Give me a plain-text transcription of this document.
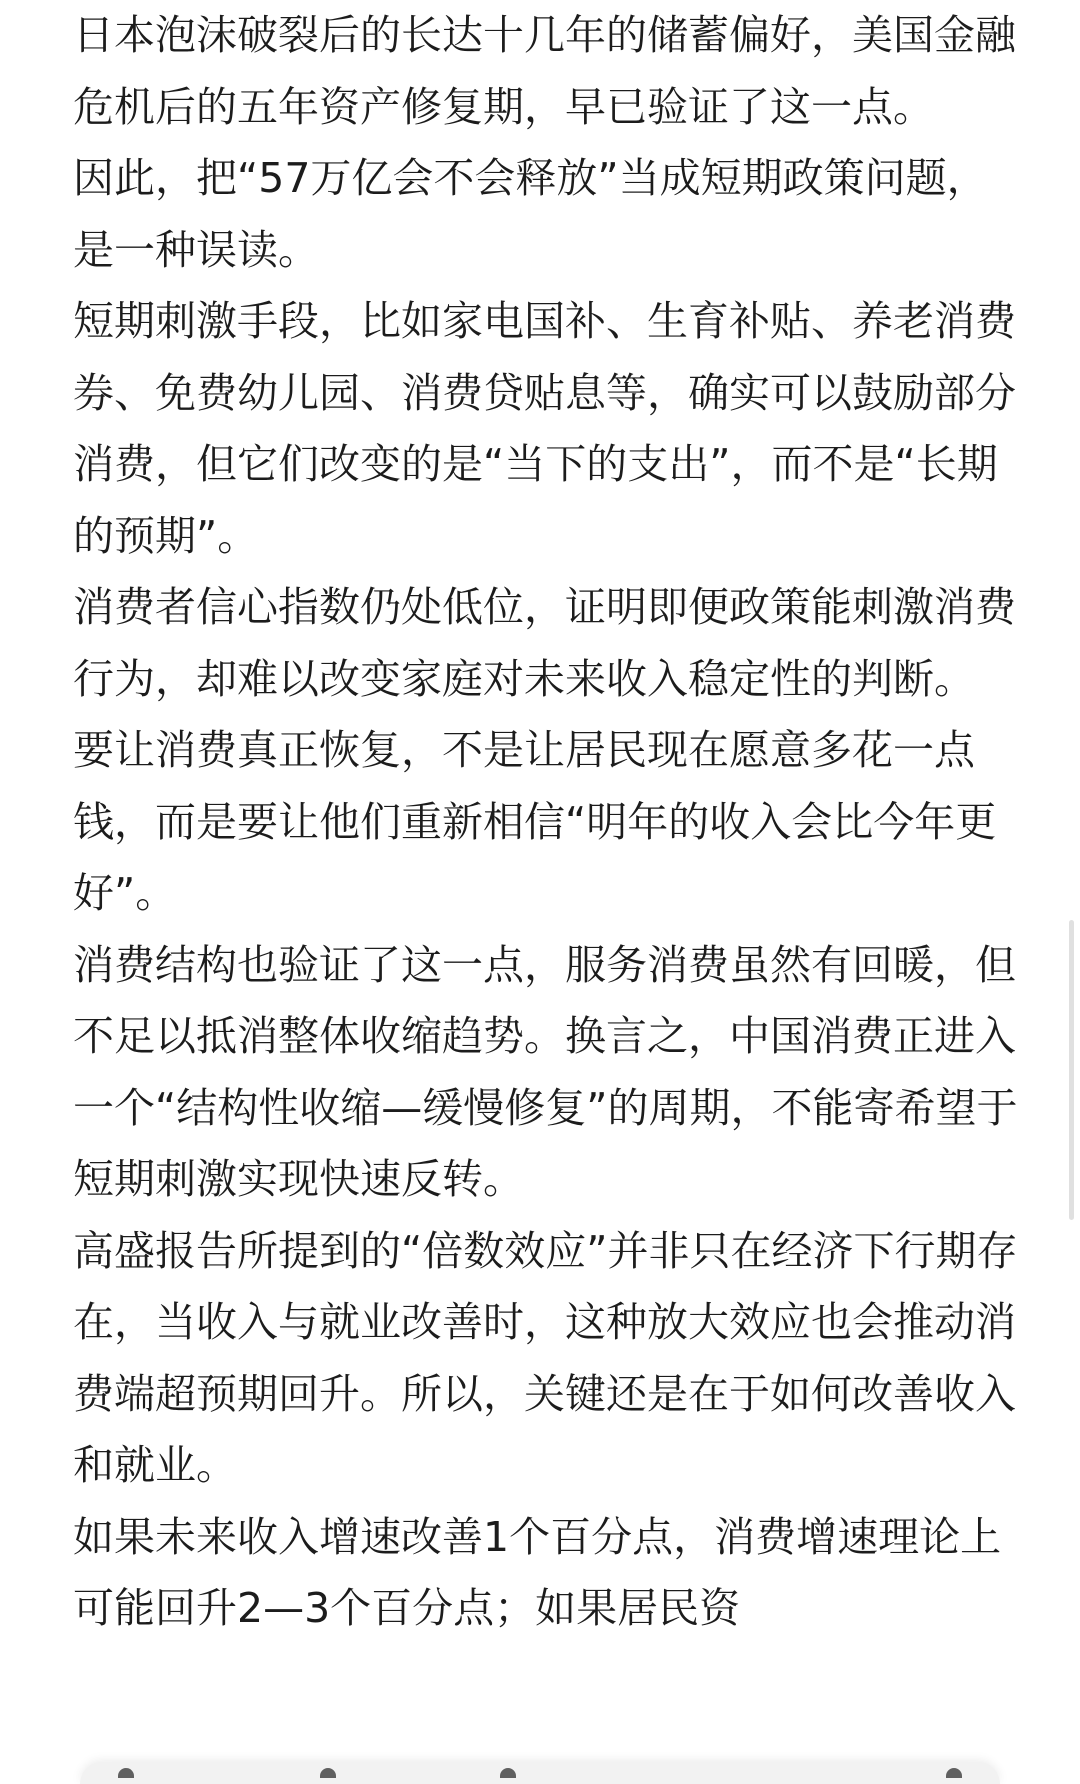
日本泡沫破裂后的长达十几年的储蓄偏好，美国金融危机后的五年资产修复期，早已验证了这一点。

因此，把“57万亿会不会释放”当成短期政策问题，是一种误读。

短期刺激手段，比如家电国补、生育补贴、养老消费券、免费幼儿园、消费贷贴息等，确实可以鼓励部分消费，但它们改变的是“当下的支出”，而不是“长期的预期”。

消费者信心指数仍处低位，证明即便政策能刺激消费行为，却难以改变家庭对未来收入稳定性的判断。

要让消费真正恢复，不是让居民现在愿意多花一点钱，而是要让他们重新相信“明年的收入会比今年更好”。

消费结构也验证了这一点，服务消费虽然有回暖，但不足以抵消整体收缩趋势。换言之，中国消费正进入一个“结构性收缩—缓慢修复”的周期，不能寄希望于短期刺激实现快速反转。

高盛报告所提到的“倍数效应”并非只在经济下行期存在，当收入与就业改善时，这种放大效应也会推动消费端超预期回升。所以，关键还是在于如何改善收入和就业。

如果未来收入增速改善1个百分点，消费增速理论上可能回升2—3个百分点；如果居民资
